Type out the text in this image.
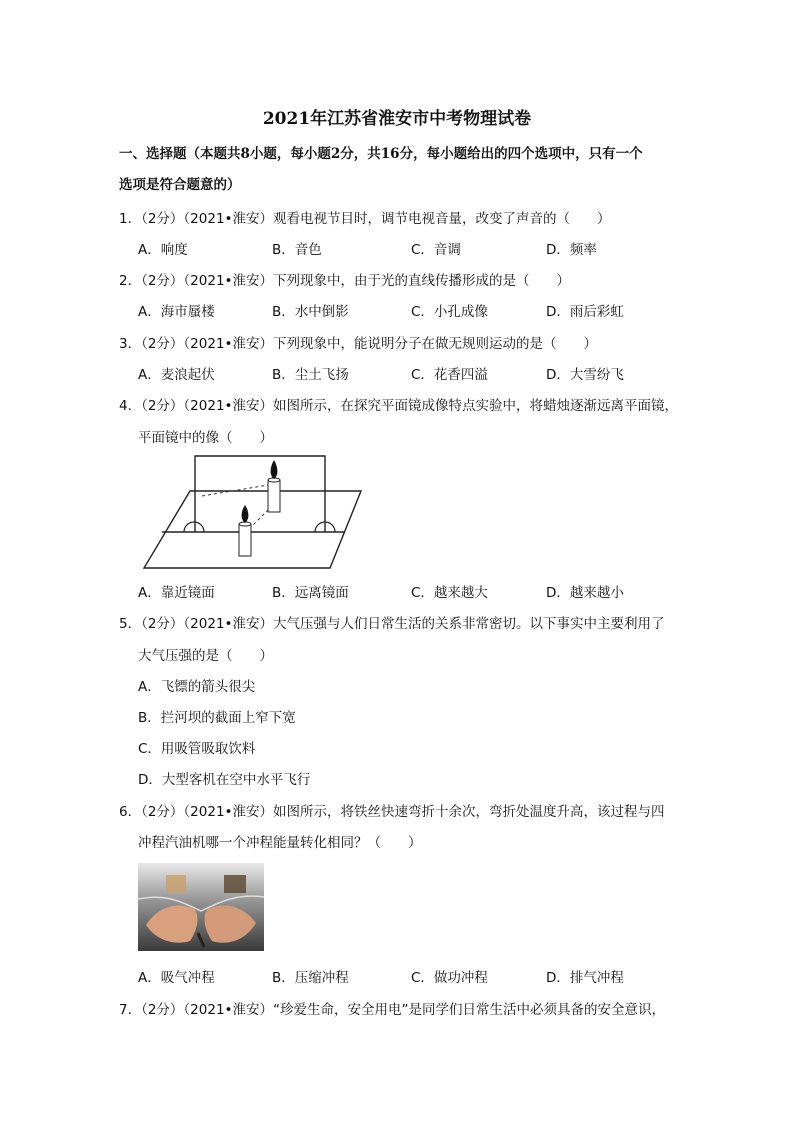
2021年江苏省淮安市中考物理试卷
一、选择题（本题共8小题，每小题2分，共16分，每小题给出的四个选项中，只有一个
选项是符合题意的）
1．（2分）（2021•淮安）观看电视节目时，调节电视音量，改变了声音的（　　）
A．响度	B．音色	C．音调	D．频率
2．（2分）（2021•淮安）下列现象中，由于光的直线传播形成的是（　　）
A．海市蜃楼	B．水中倒影	C．小孔成像	D．雨后彩虹
3．（2分）（2021•淮安）下列现象中，能说明分子在做无规则运动的是（　　）
A．麦浪起伏	B．尘土飞扬	C．花香四溢	D．大雪纷飞
4．（2分）（2021•淮安）如图所示，在探究平面镜成像特点实验中，将蜡烛逐渐远离平面镜，
平面镜中的像（　　）
A．靠近镜面	B．远离镜面	C．越来越大	D．越来越小
5．（2分）（2021•淮安）大气压强与人们日常生活的关系非常密切。以下事实中主要利用了
大气压强的是（　　）
A．飞镖的箭头很尖
B．拦河坝的截面上窄下宽
C．用吸管吸取饮料
D．大型客机在空中水平飞行
6．（2分）（2021•淮安）如图所示，将铁丝快速弯折十余次，弯折处温度升高，该过程与四
冲程汽油机哪一个冲程能量转化相同？（　　）
A．吸气冲程	B．压缩冲程	C．做功冲程	D．排气冲程
7．（2分）（2021•淮安）“珍爱生命，安全用电”是同学们日常生活中必须具备的安全意识，
